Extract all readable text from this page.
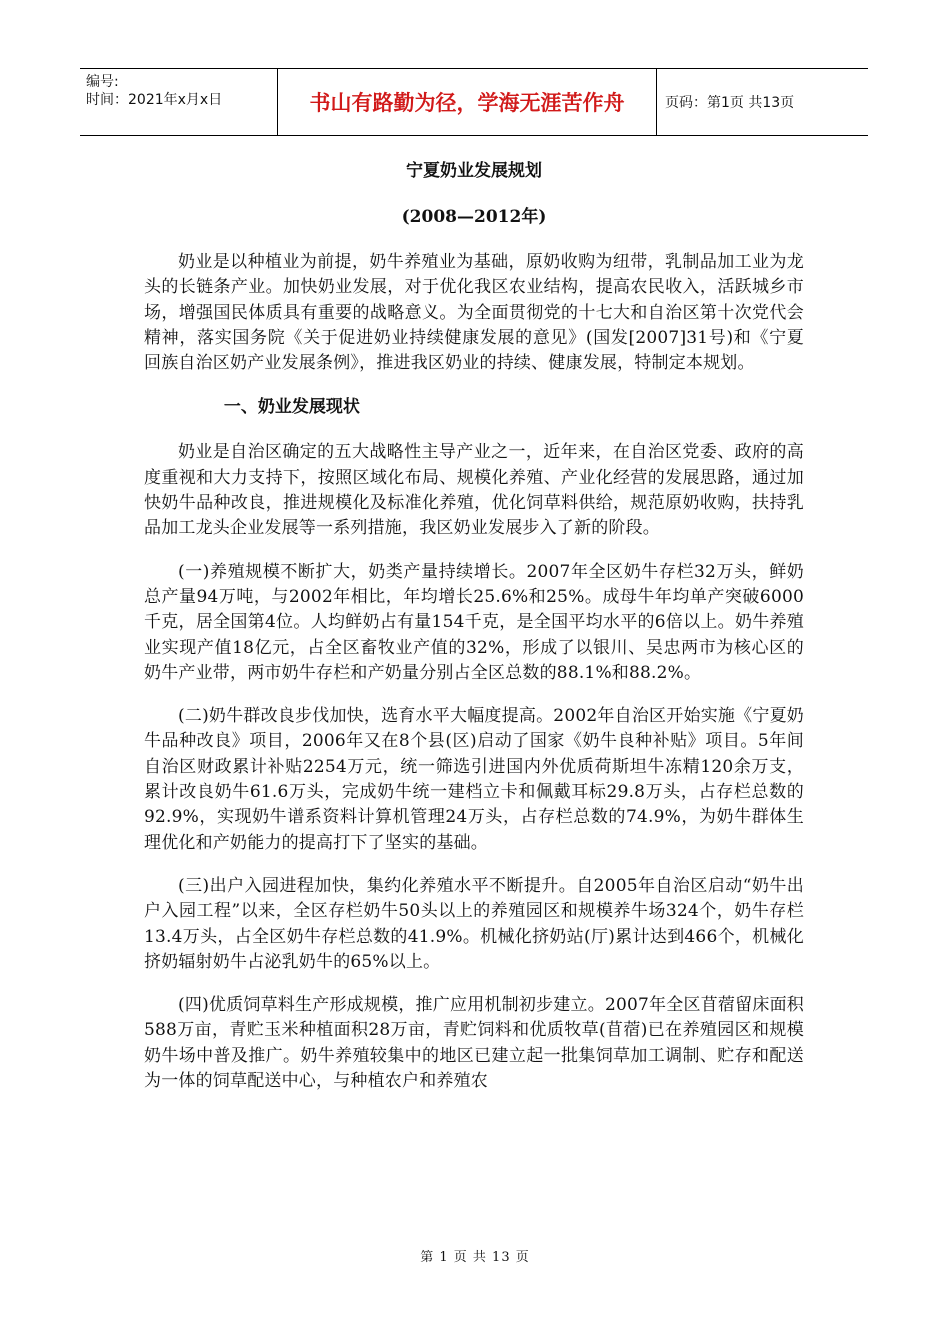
编号:
时间：2021年x月x日	书山有路勤为径，学海无涯苦作舟	页码：第1页 共13页
宁夏奶业发展规划
(2008—2012年)

奶业是以种植业为前提，奶牛养殖业为基础，原奶收购为纽带，乳制品加工业为龙头的长链条产业。加快奶业发展，对于优化我区农业结构，提高农民收入，活跃城乡市场，增强国民体质具有重要的战略意义。为全面贯彻党的十七大和自治区第十次党代会精神，落实国务院《关于促进奶业持续健康发展的意见》(国发[2007]31号)和《宁夏回族自治区奶产业发展条例》，推进我区奶业的持续、健康发展，特制定本规划。

一、奶业发展现状

奶业是自治区确定的五大战略性主导产业之一，近年来，在自治区党委、政府的高度重视和大力支持下，按照区域化布局、规模化养殖、产业化经营的发展思路，通过加快奶牛品种改良，推进规模化及标准化养殖，优化饲草料供给，规范原奶收购，扶持乳品加工龙头企业发展等一系列措施，我区奶业发展步入了新的阶段。

(一)养殖规模不断扩大，奶类产量持续增长。2007年全区奶牛存栏32万头，鲜奶总产量94万吨，与2002年相比，年均增长25.6%和25%。成母牛年均单产突破6000千克，居全国第4位。人均鲜奶占有量154千克，是全国平均水平的6倍以上。奶牛养殖业实现产值18亿元，占全区畜牧业产值的32%，形成了以银川、吴忠两市为核心区的奶牛产业带，两市奶牛存栏和产奶量分别占全区总数的88.1%和88.2%。

(二)奶牛群改良步伐加快，选育水平大幅度提高。2002年自治区开始实施《宁夏奶牛品种改良》项目，2006年又在8个县(区)启动了国家《奶牛良种补贴》项目。5年间自治区财政累计补贴2254万元，统一筛选引进国内外优质荷斯坦牛冻精120余万支，累计改良奶牛61.6万头，完成奶牛统一建档立卡和佩戴耳标29.8万头，占存栏总数的92.9%，实现奶牛谱系资料计算机管理24万头，占存栏总数的74.9%，为奶牛群体生理优化和产奶能力的提高打下了坚实的基础。

(三)出户入园进程加快，集约化养殖水平不断提升。自2005年自治区启动“奶牛出户入园工程”以来，全区存栏奶牛50头以上的养殖园区和规模养牛场324个，奶牛存栏13.4万头，占全区奶牛存栏总数的41.9%。机械化挤奶站(厅)累计达到466个，机械化挤奶辐射奶牛占泌乳奶牛的65%以上。

(四)优质饲草料生产形成规模，推广应用机制初步建立。2007年全区苜蓿留床面积588万亩，青贮玉米种植面积28万亩，青贮饲料和优质牧草(苜蓿)已在养殖园区和规模奶牛场中普及推广。奶牛养殖较集中的地区已建立起一批集饲草加工调制、贮存和配送为一体的饲草配送中心，与种植农户和养殖农

第 1 页 共 13 页
